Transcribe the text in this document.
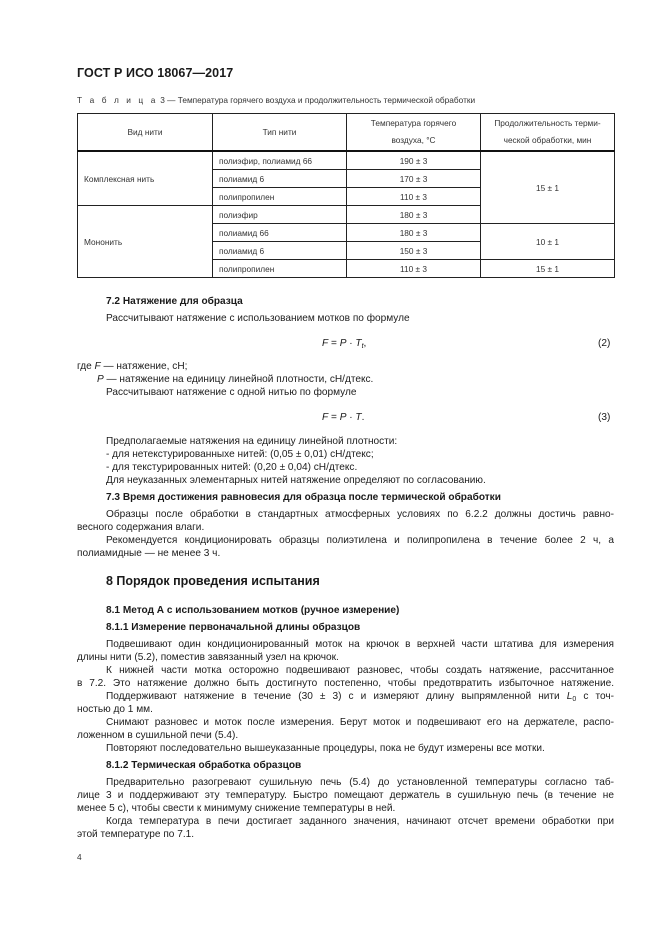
ГОСТ Р ИСО 18067—2017
Т а б л и ц а 3 — Температура горячего воздуха и продолжительность термической обработки
Вид нити	Тип нити	Температура горячего воздуха, °С	Продолжительность термической обработки, мин
Комплексная нить	полиэфир, полиамид 66	190 ± 3	15 ± 1
	полиамид 6	170 ± 3	
	полипропилен	110 ± 3	
Мононить	полиэфир	180 ± 3	
	полиамид 66	180 ± 3	10 ± 1
	полиамид 6	150 ± 3	
	полипропилен	110 ± 3	15 ± 1
7.2 Натяжение для образца
Рассчитывают натяжение с использованием мотков по формуле
$F = P \cdot T_t$,	(2)
где F — натяжение, сН;
P — натяжение на единицу линейной плотности, сН/дтекс.
Рассчитывают натяжение с одной нитью по формуле
F = P · T.	(3)
Предполагаемые натяжения на единицу линейной плотности:
- для нетекстурированныхе нитей: (0,05 ± 0,01) сН/дтекс;
- для текстурированных нитей: (0,20 ± 0,04) сН/дтекс.
Для неуказанных элементарных нитей натяжение определяют по согласованию.
7.3 Время достижения равновесия для образца после термической обработки
Образцы после обработки в стандартных атмосферных условиях по 6.2.2 должны достичь равно-
весного содержания влаги.
Рекомендуется кондиционировать образцы полиэтилена и полипропилена в течение более 2 ч, а
полиамидные — не менее 3 ч.
8 Порядок проведения испытания
8.1 Метод А с использованием мотков (ручное измерение)
8.1.1 Измерение первоначальной длины образцов
Подвешивают один кондиционированный моток на крючок в верхней части штатива для измерения
длины нити (5.2), поместив завязанный узел на крючок.
К нижней части мотка осторожно подвешивают разновес, чтобы создать натяжение, рассчитанное
в 7.2. Это натяжение должно быть достигнуто постепенно, чтобы предотвратить избыточное натяжение.
Поддерживают натяжение в течение (30 ± 3) с и измеряют длину выпрямленной нити $L_0$ с точ-
ностью до 1 мм.
Снимают разновес и моток после измерения. Берут моток и подвешивают его на держателе, распо-
ложенном в сушильной печи (5.4).
Повторяют последовательно вышеуказанные процедуры, пока не будут измерены все мотки.
8.1.2 Термическая обработка образцов
Предварительно разогревают сушильную печь (5.4) до установленной температуры согласно таб-
лице 3 и поддерживают эту температуру. Быстро помещают держатель в сушильную печь (в течение не
менее 5 с), чтобы свести к минимуму снижение температуры в ней.
Когда температура в печи достигает заданного значения, начинают отсчет времени обработки при
этой температуре по 7.1.
4
